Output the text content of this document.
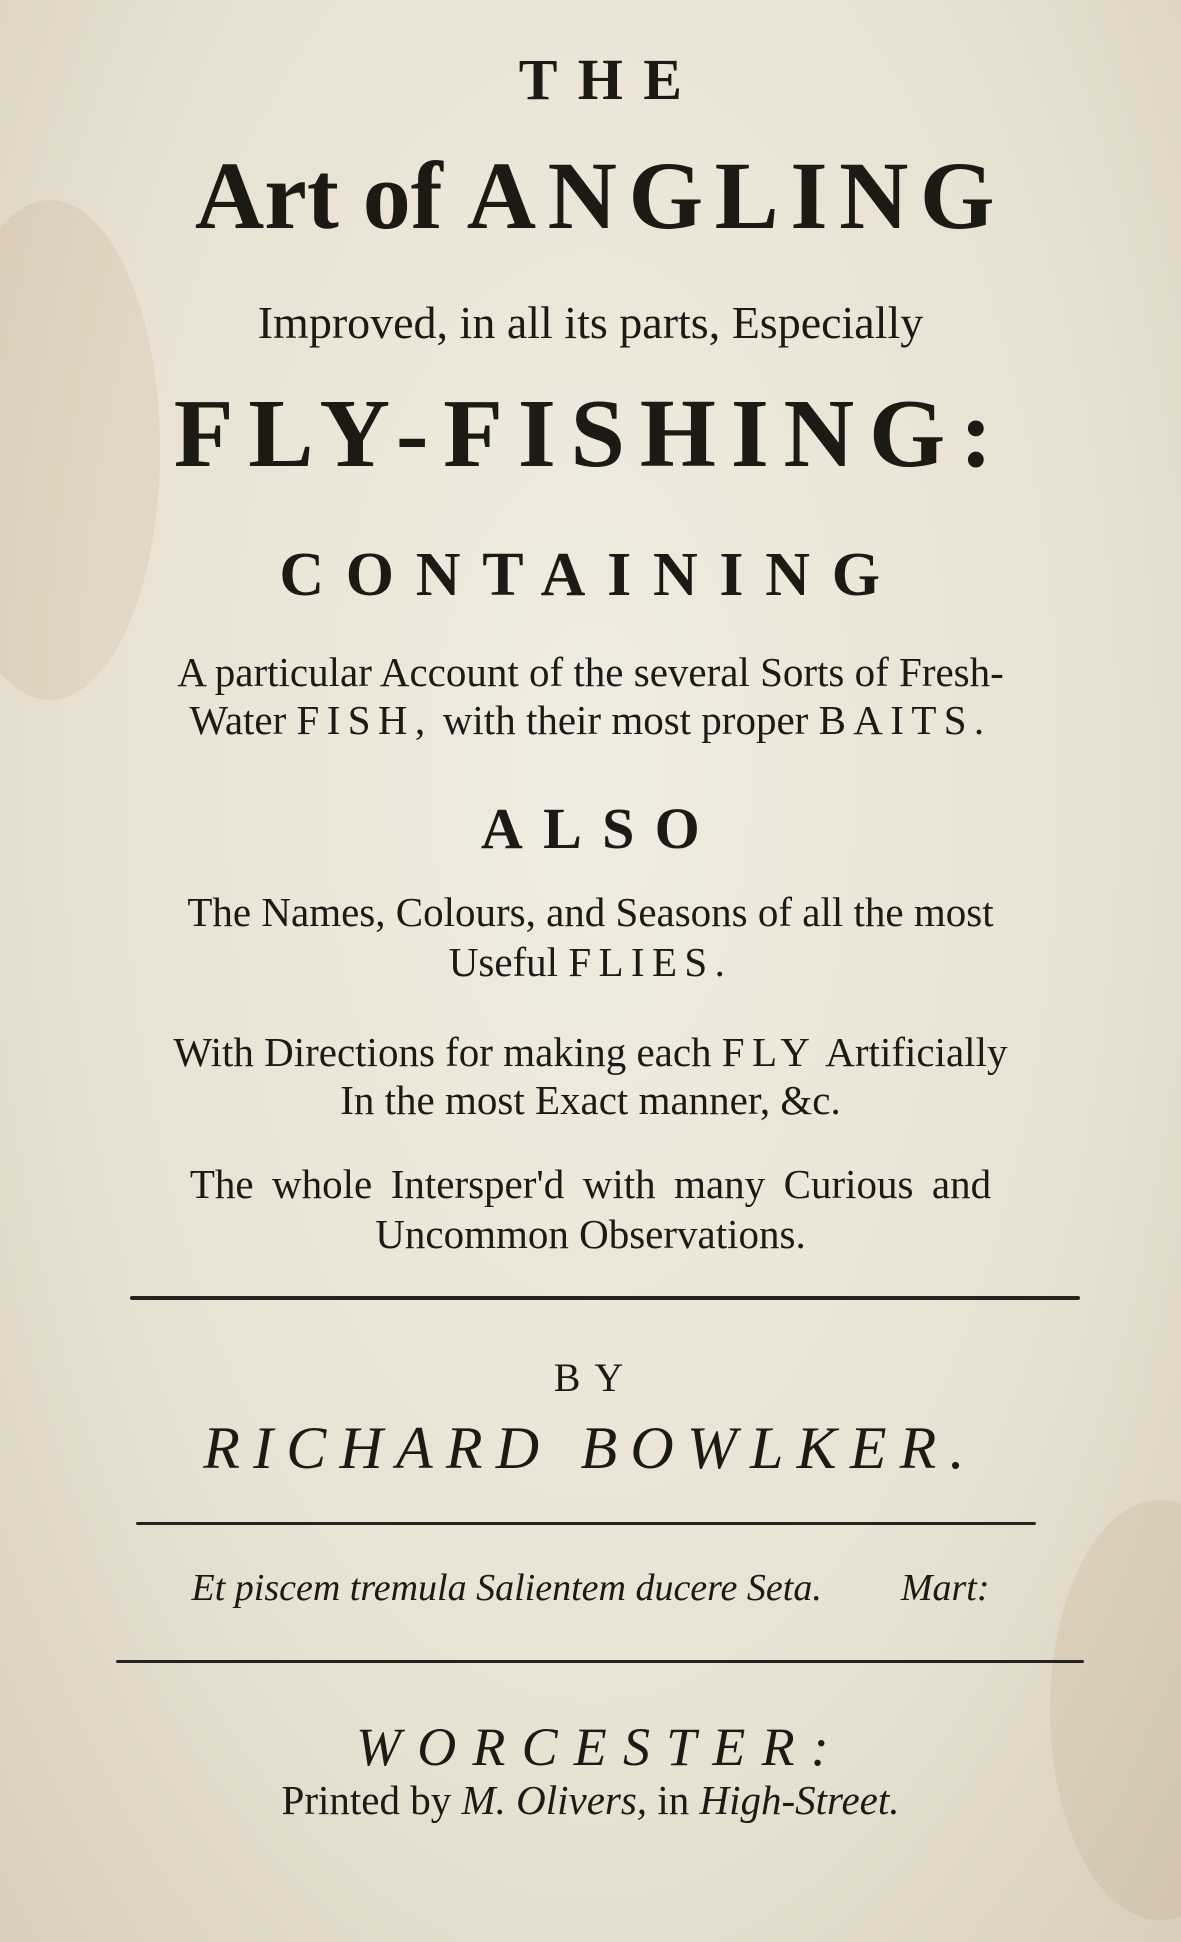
THE
Art of ANGLING
Improved, in all its parts, Especially
FLY-FISHING:
CONTAINING
A particular Account of the several Sorts of Fresh-
Water FISH, with their most proper BAITS.
ALSO
The Names, Colours, and Seasons of all the most
Useful FLIES.
With Directions for making each FLY Artificially
In the most Exact manner, &c.
The whole Intersper'd with many Curious and
Uncommon Observations.
BY
RICHARD BOWLKER.
Et piscem tremula Salientem ducere Seta. Mart:
WORCESTER:
Printed by M. Olivers, in High-Street.
